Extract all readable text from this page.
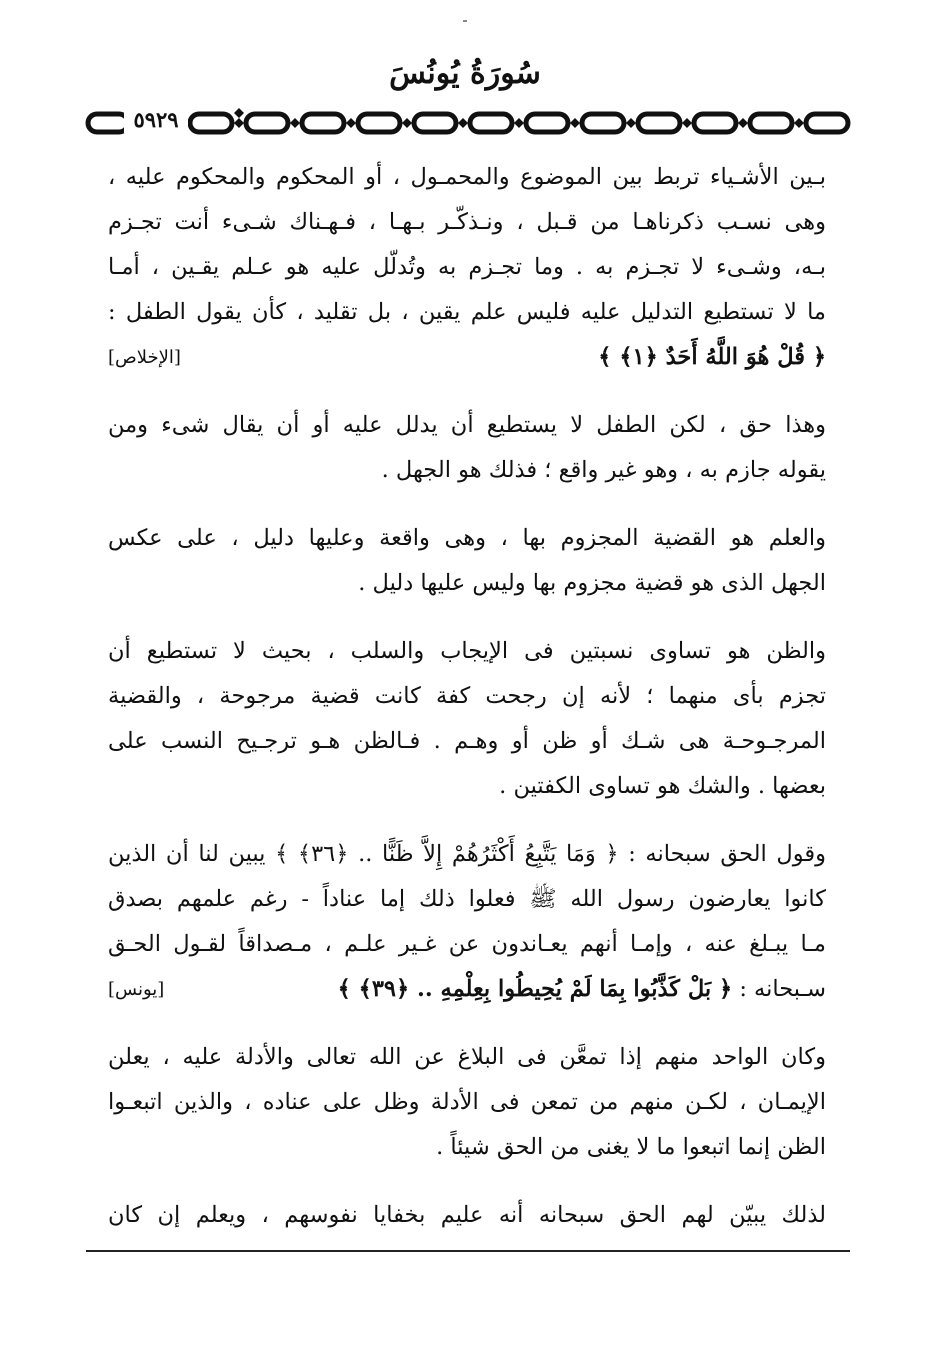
سُورَةُ يُونُسَ
٥٩٢٩
بـين الأشـياء تربط بين الموضوع والمحمـول ، أو المحكوم والمحكوم عليه ،
وهى نسـب ذكرناهـا من قـبل ، ونـذكّـر بـهـا ، فـهـناك شـىء أنت تجـزم
بـه، وشـىء لا تجـزم به . وما تجـزم به وتُدلّل عليه هو عـلم يقـين ، أمـا
ما لا تستطيع التدليل عليه فليس علم يقين ، بل تقليد ، كأن يقول الطفل :
﴿ قُلْ هُوَ اللَّهُ أَحَدٌ ﴿١﴾ ﴾
[الإخلاص]
وهذا حق ، لكن الطفل لا يستطيع أن يدلل عليه أو أن يقال شىء ومن
يقوله جازم به ، وهو غير واقع ؛ فذلك هو الجهل .
والعلم هو القضية المجزوم بها ، وهى واقعة وعليها دليل ، على عكس
الجهل الذى هو قضية مجزوم بها وليس عليها دليل .
والظن هو تساوى نسبتين فى الإيجاب والسلب ، بحيث لا تستطيع أن
تجزم بأى منهما ؛ لأنه إن رجحت كفة كانت قضية مرجوحة ، والقضية
المرجـوحـة هى شـك أو ظن أو وهـم . فـالظن هـو ترجـيح النسب على
بعضها . والشك هو تساوى الكفتين .
وقول الحق سبحانه : ﴿ وَمَا يَتَّبِعُ أَكْثَرُهُمْ إِلاَّ ظَنًّا .. ﴿٣٦﴾ ﴾ يبين لنا أن الذين
كانوا يعارضون رسول الله ﷺ فعلوا ذلك إما عناداً - رغم علمهم بصدق
مـا يبـلغ عنه ، وإمـا أنهم يعـاندون عن غـير علـم ، مـصداقاً لقـول الحـق
سـبحانه : ﴿ بَلْ كَذَّبُوا بِمَا لَمْ يُحِيطُوا بِعِلْمِهِ .. ﴿٣٩﴾ ﴾
[يونس]
وكان الواحد منهم إذا تمعَّن فى البلاغ عن الله تعالى والأدلة عليه ، يعلن
الإيمـان ، لكـن منهم من تمعن فى الأدلة وظل على عناده ، والذين اتبعـوا
الظن إنما اتبعوا ما لا يغنى من الحق شيئاً .
لذلك يبيّن لهم الحق سبحانه أنه عليم بخفايا نفوسهم ، ويعلم إن كان
